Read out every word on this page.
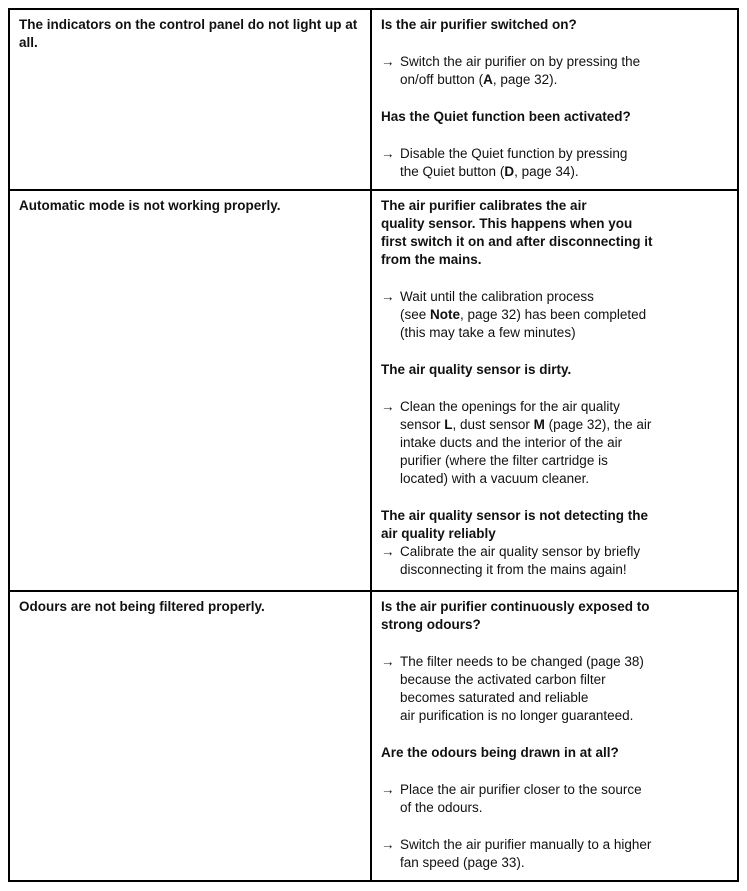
The indicators on the control panel do not light up at all.
Is the air purifier switched on?
→ Switch the air purifier on by pressing the
on/off button (A, page 32).
Has the Quiet function been activated?
→ Disable the Quiet function by pressing
the Quiet button (D, page 34).
Automatic mode is not working properly.	The air purifier calibrates the air
quality sensor. This happens when you
first switch it on and after disconnecting it
from the mains.
→ Wait until the calibration process
(see Note, page 32) has been completed
(this may take a few minutes)
The air quality sensor is dirty.
→ Clean the openings for the air quality
sensor L, dust sensor M (page 32), the air
intake ducts and the interior of the air
purifier (where the filter cartridge is
located) with a vacuum cleaner.
The air quality sensor is not detecting the
air quality reliably
→ Calibrate the air quality sensor by briefly
disconnecting it from the mains again!
Odours are not being filtered properly.	Is the air purifier continuously exposed to
strong odours?
→ The filter needs to be changed (page 38)
because the activated carbon filter
becomes saturated and reliable
air purification is no longer guaranteed.
Are the odours being drawn in at all?
→ Place the air purifier closer to the source
of the odours.
→ Switch the air purifier manually to a higher
fan speed (page 33).
